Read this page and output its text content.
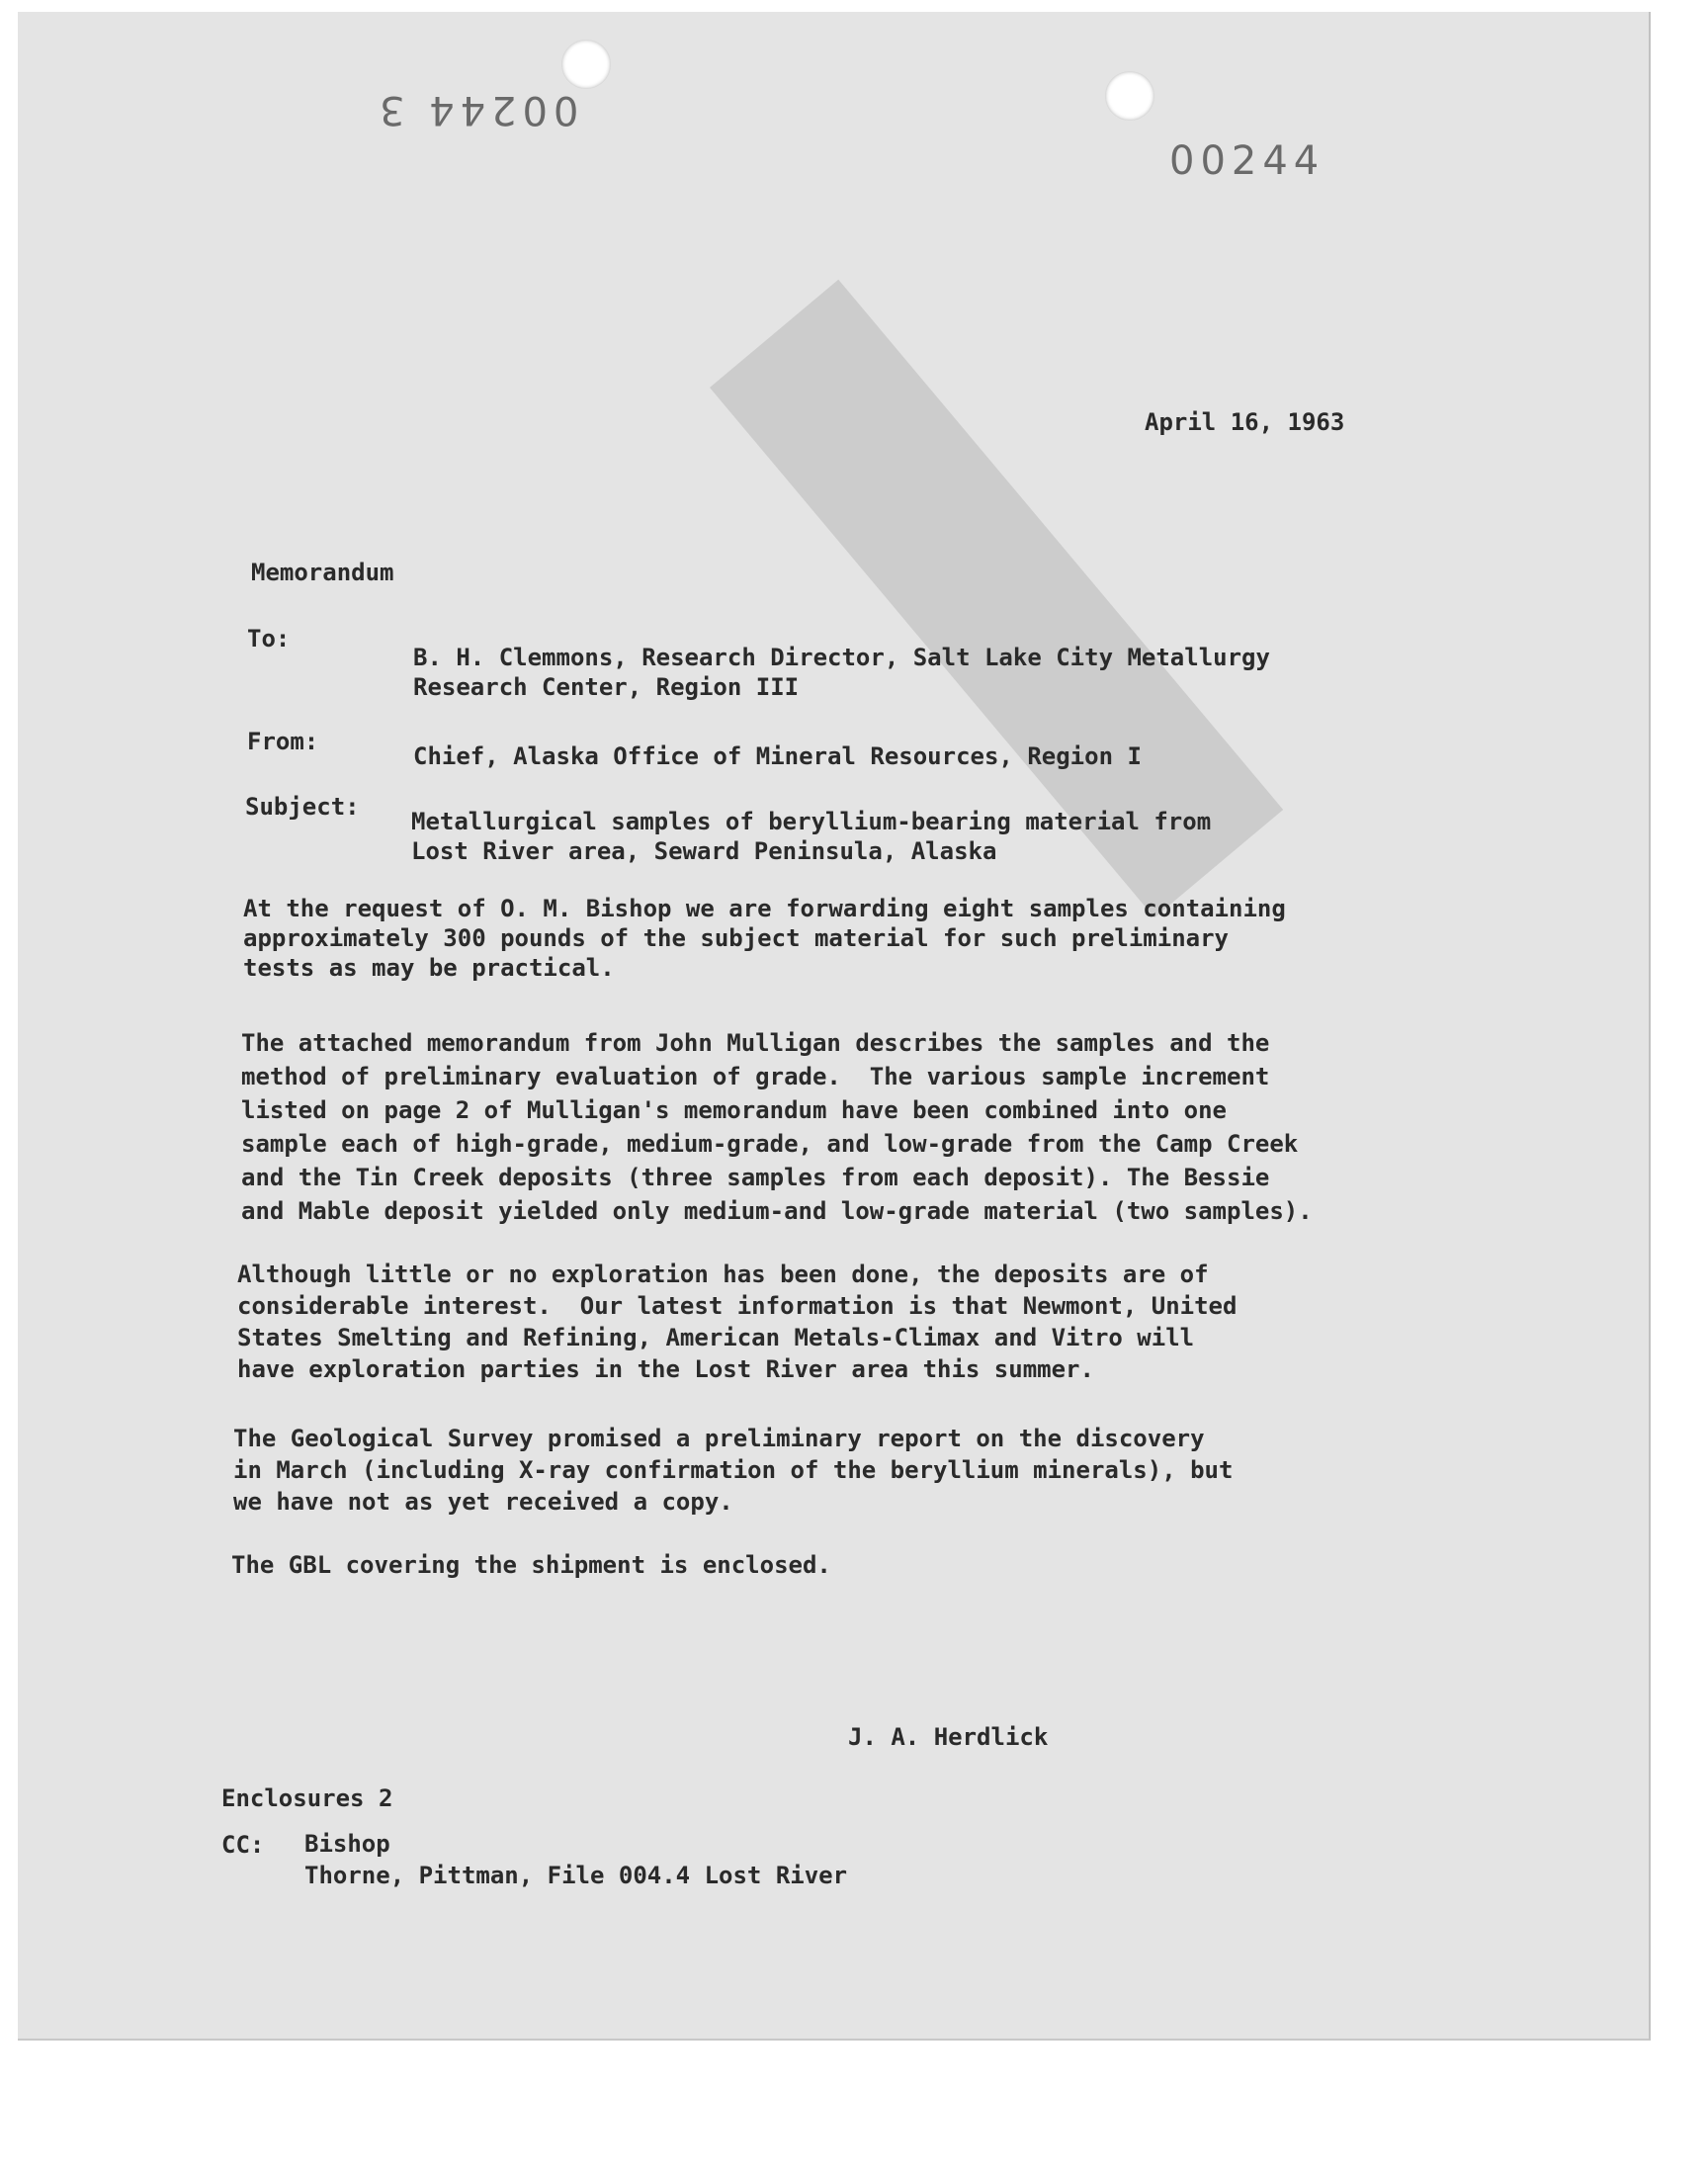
00244 3
00244

April 16, 1963

Memorandum

To:

B. H. Clemmons, Research Director, Salt Lake City Metallurgy

Research Center, Region III

From:

Chief, Alaska Office of Mineral Resources, Region I

Subject:

Metallurgical samples of beryllium-bearing material from

Lost River area, Seward Peninsula, Alaska

At the request of O. M. Bishop we are forwarding eight samples containing

approximately 300 pounds of the subject material for such preliminary

tests as may be practical.

The attached memorandum from John Mulligan describes the samples and the

method of preliminary evaluation of grade.  The various sample increment

listed on page 2 of Mulligan's memorandum have been combined into one

sample each of high-grade, medium-grade, and low-grade from the Camp Creek

and the Tin Creek deposits (three samples from each deposit). The Bessie

and Mable deposit yielded only medium-and low-grade material (two samples).

Although little or no exploration has been done, the deposits are of

considerable interest.  Our latest information is that Newmont, United

States Smelting and Refining, American Metals-Climax and Vitro will

have exploration parties in the Lost River area this summer.

The Geological Survey promised a preliminary report on the discovery

in March (including X-ray confirmation of the beryllium minerals), but

we have not as yet received a copy.

The GBL covering the shipment is enclosed.

J. A. Herdlick

Enclosures 2

CC: Bishop

Thorne, Pittman, File 004.4 Lost River
